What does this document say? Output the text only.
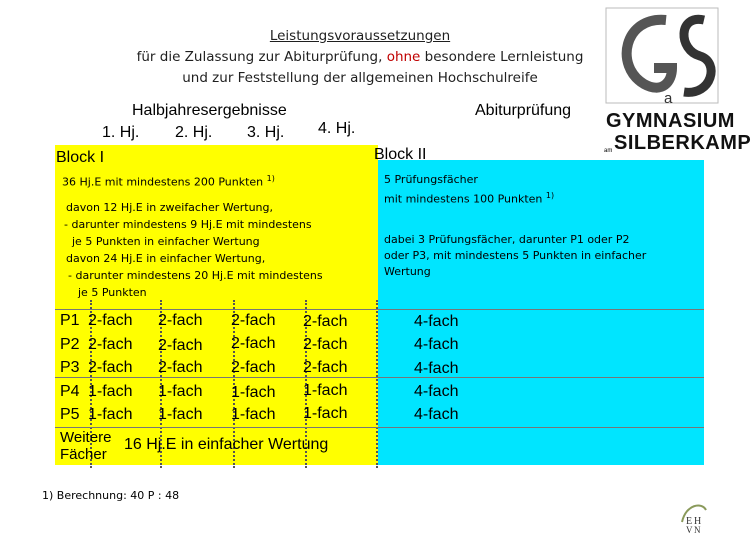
Leistungsvoraussetzungen
für die Zulassung zur Abiturprüfung, ohne besondere Lernleistung
und zur Feststellung der allgemeinen Hochschulreife
a
GYMNASIUM
am SILBERKAMP
Halbjahresergebnisse	Abiturprüfung
1. Hj. 2. Hj. 3. Hj. 4. Hj.
Block I	Block II
36 Hj.E mit mindestens 200 Punkten $^{1)}$
davon 12 Hj.E in zweifacher Wertung,
- darunter mindestens 9 Hj.E mit mindestens
je 5 Punkten in einfacher Wertung
davon 24 Hj.E in einfacher Wertung,
- darunter mindestens 20 Hj.E mit mindestens
je 5 Punkten
5 Prüfungsfächer
mit mindestens 100 Punkten $^{1)}$
dabei 3 Prüfungsfächer, darunter P1 oder P2
oder P3, mit mindestens 5 Punkten in einfacher
Wertung
P1 2-fach 2-fach 2-fach 2-fach	4-fach
P2 2-fach 2-fach 2-fach 2-fach	4-fach
P3 2-fach 2-fach 2-fach 2-fach	4-fach
P4 1-fach 1-fach 1-fach 1-fach	4-fach
P5 1-fach 1-fach 1-fach 1-fach	4-fach
Weitere
Fächer
16 Hj.E in einfacher Wertung
1) Berechnung: 40 P : 48
E H
V N
